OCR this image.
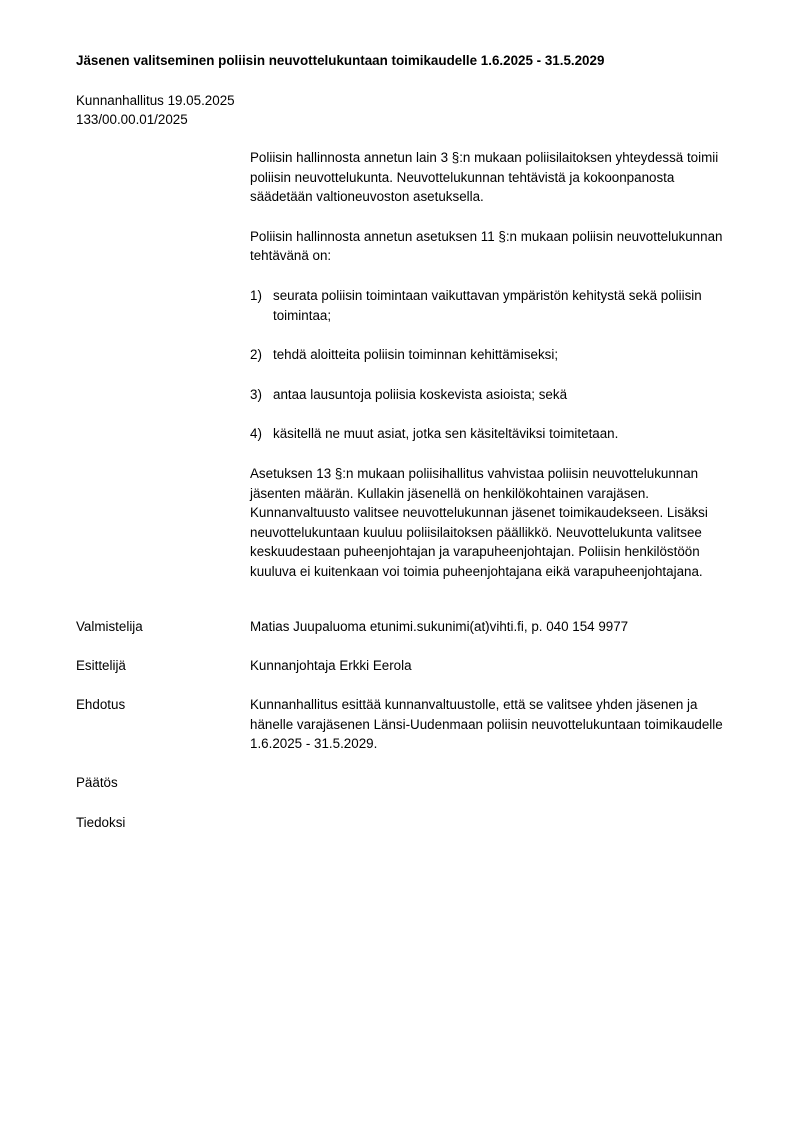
Jäsenen valitseminen poliisin neuvottelukuntaan toimikaudelle 1.6.2025 - 31.5.2029
Kunnanhallitus 19.05.2025
133/00.00.01/2025

Poliisin hallinnosta annetun lain 3 §:n mukaan poliisilaitoksen yhteydessä toimii poliisin neuvottelukunta. Neuvottelukunnan tehtävistä ja kokoonpanosta säädetään valtioneuvoston asetuksella.

Poliisin hallinnosta annetun asetuksen 11 §:n mukaan poliisin neuvottelukunnan tehtävänä on:

1) seurata poliisin toimintaan vaikuttavan ympäristön kehitystä sekä poliisin toimintaa;
2) tehdä aloitteita poliisin toiminnan kehittämiseksi;
3) antaa lausuntoja poliisia koskevista asioista; sekä
4) käsitellä ne muut asiat, jotka sen käsiteltäviksi toimitetaan.

Asetuksen 13 §:n mukaan poliisihallitus vahvistaa poliisin neuvottelukunnan jäsenten määrän. Kullakin jäsenellä on henkilökohtainen varajäsen. Kunnanvaltuusto valitsee neuvottelukunnan jäsenet toimikaudekseen. Lisäksi neuvottelukuntaan kuuluu poliisilaitoksen päällikkö. Neuvottelukunta valitsee keskuudestaan puheenjohtajan ja varapuheenjohtajan. Poliisin henkilöstöön kuuluva ei kuitenkaan voi toimia puheenjohtajana eikä varapuheenjohtajana.

Valmistelija	Matias Juupaluoma etunimi.sukunimi(at)vihti.fi, p. 040 154 9977
Esittelijä	Kunnanjohtaja Erkki Eerola
Ehdotus	Kunnanhallitus esittää kunnanvaltuustolle, että se valitsee yhden jäsenen ja hänelle varajäsenen Länsi-Uudenmaan poliisin neuvottelukuntaan toimikaudelle 1.6.2025 - 31.5.2029.
Päätös
Tiedoksi
